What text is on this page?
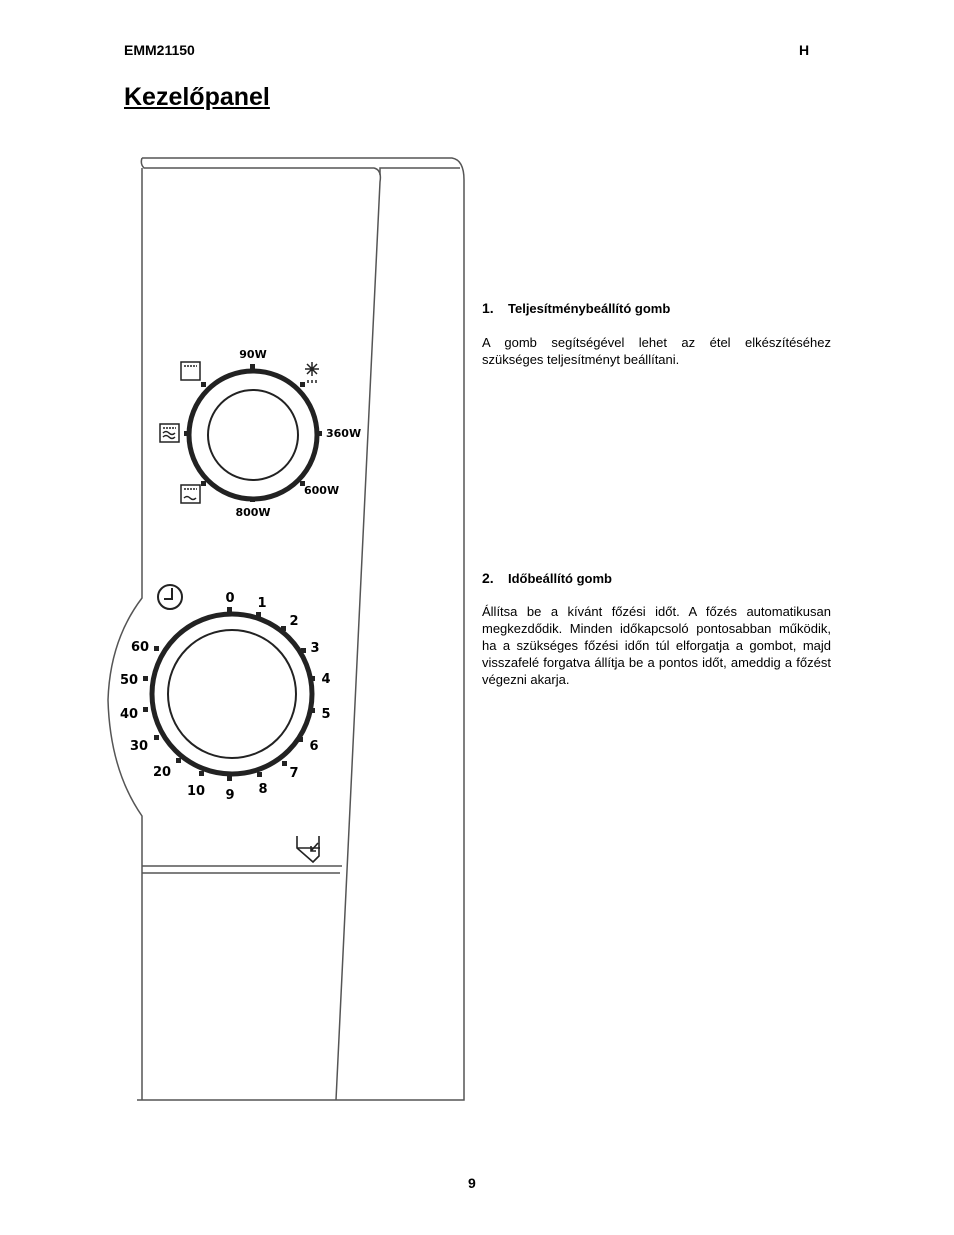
EMM21150	H
Kezelőpanel
90W
360W
600W
800W
0 1
2
3
4
5
6
7
8
9
10
20
30
40
50
60
1. Teljesítménybeállító gomb
A gomb segítségével lehet az étel elkészítéséhez szükséges teljesítményt beállítani.
2. Időbeállító gomb
Állítsa be a kívánt főzési időt. A főzés automatikusan megkezdődik. Minden időkapcsoló pontosabban működik, ha a szükséges főzési időn túl elforgatja a gombot, majd visszafelé forgatva állítja be a pontos időt, ameddig a főzést végezni akarja.
9
